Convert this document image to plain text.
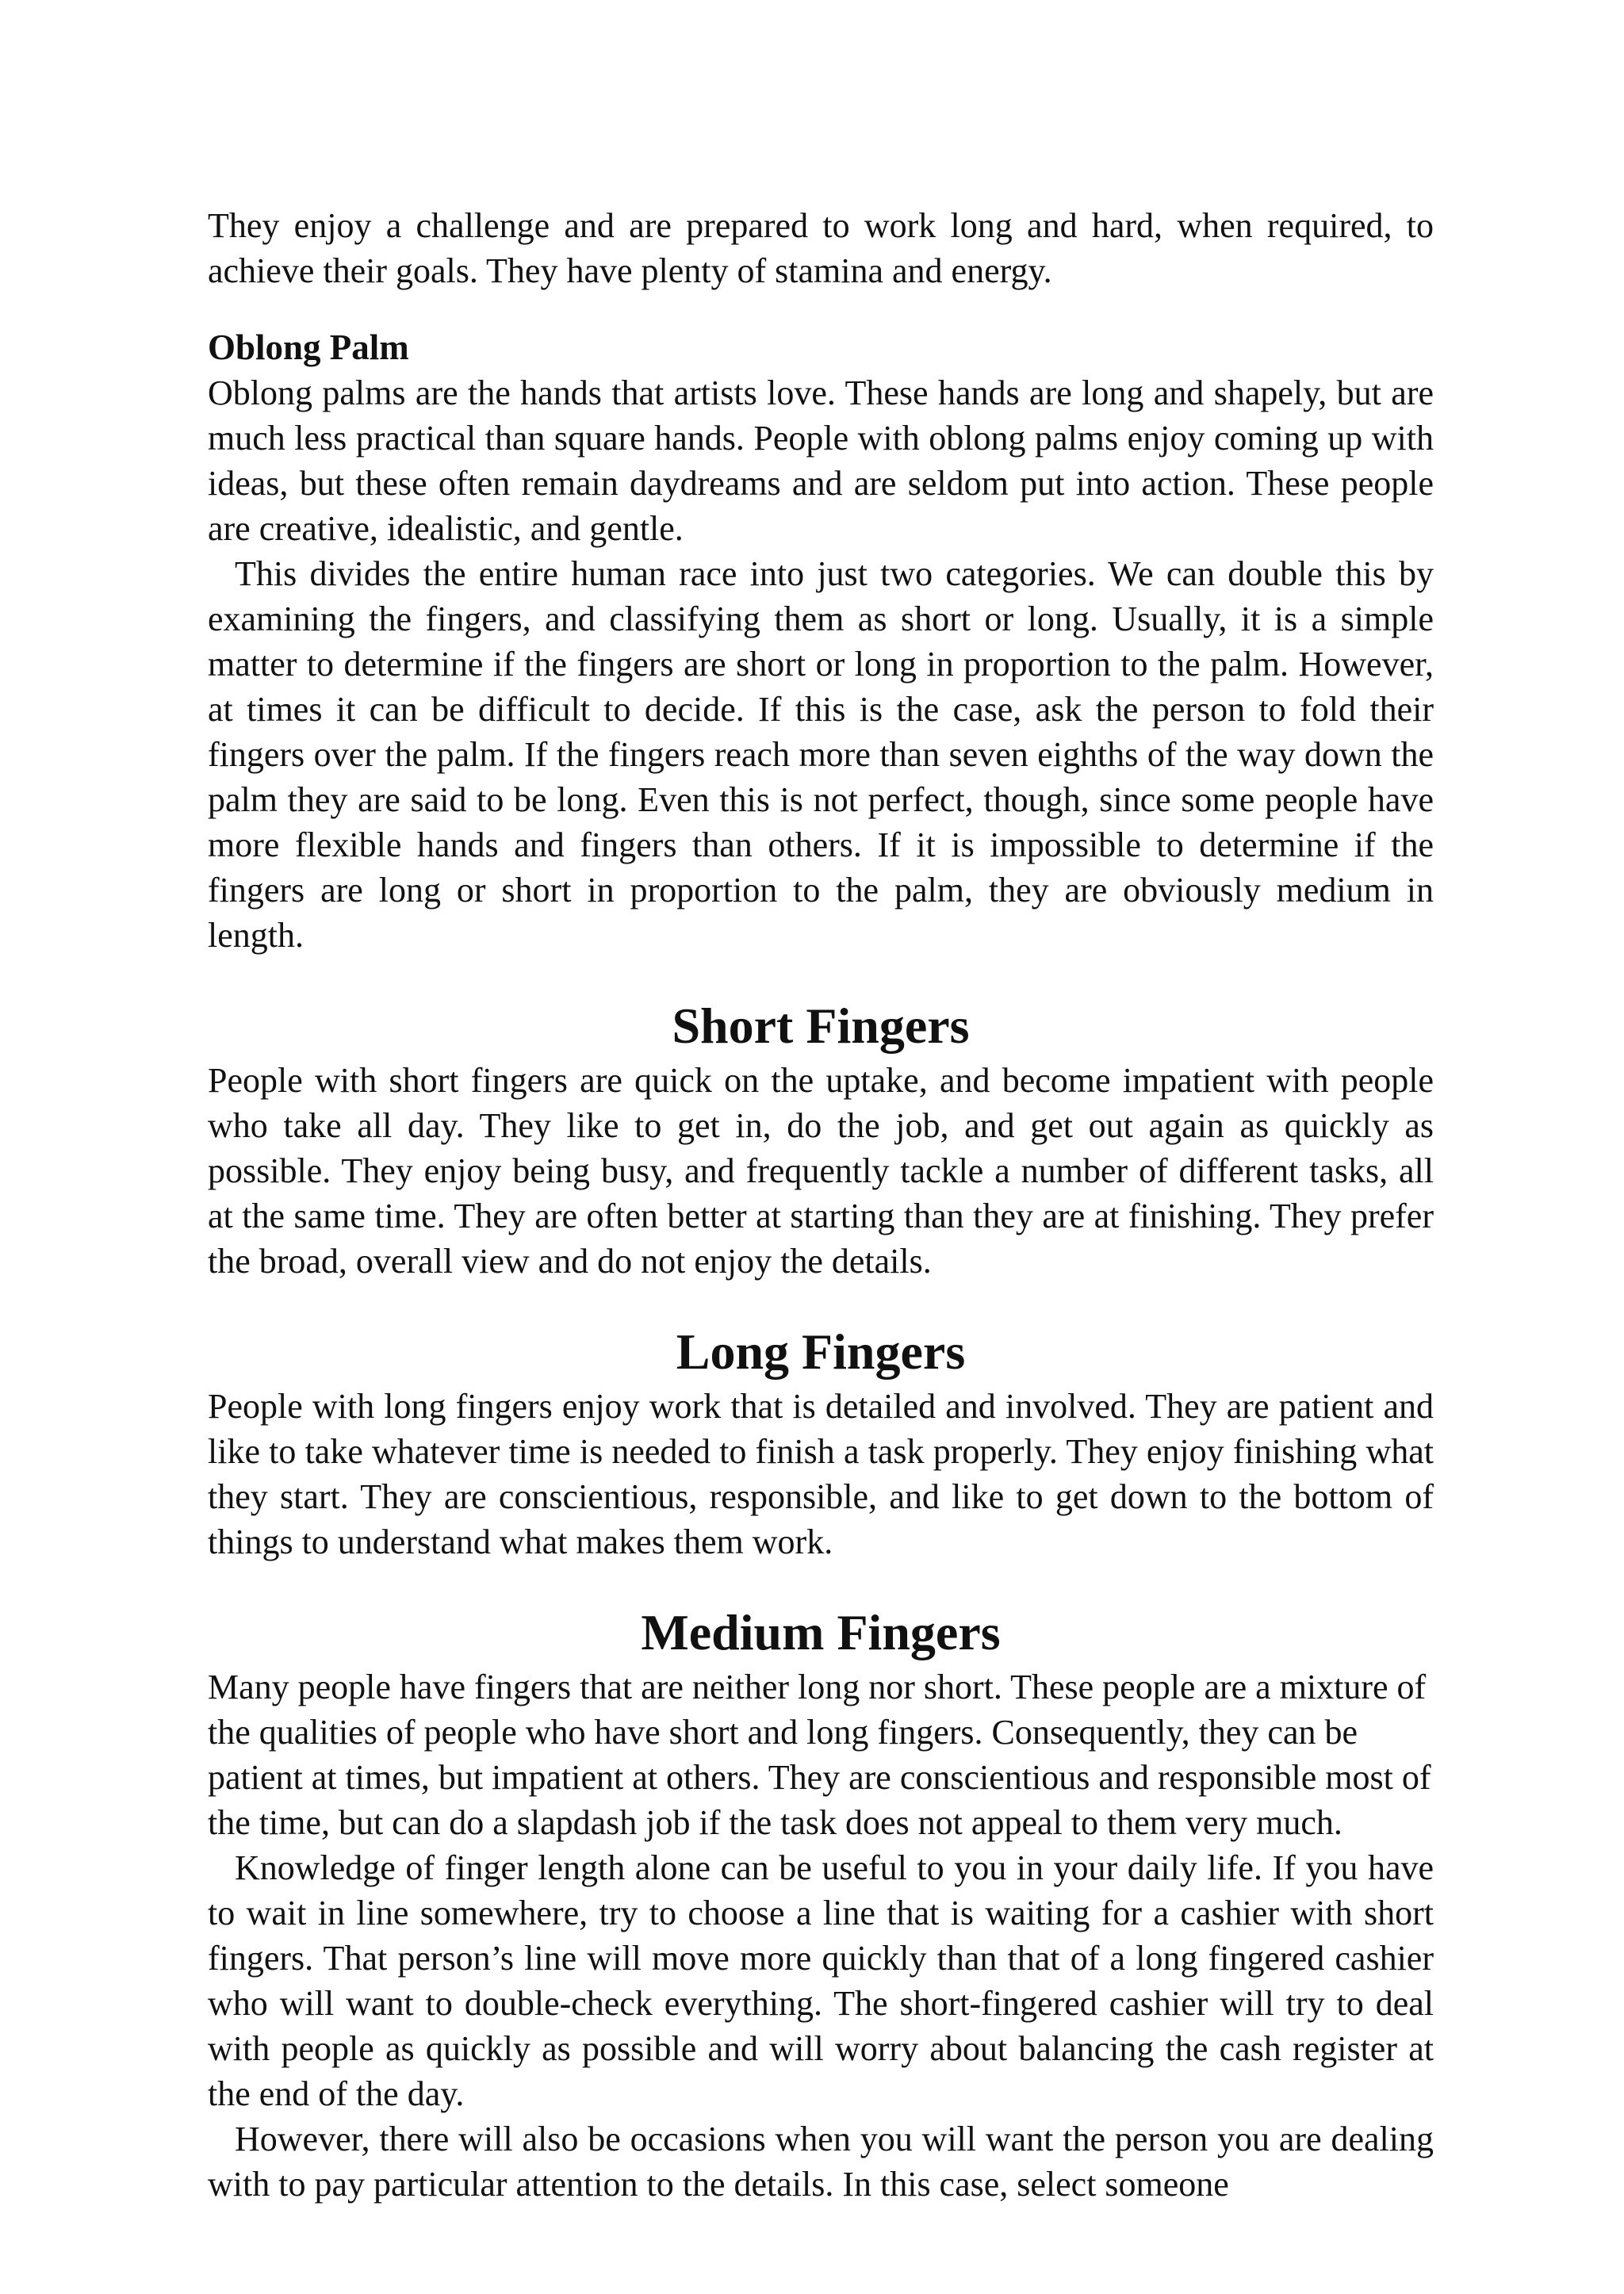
They enjoy a challenge and are prepared to work long and hard, when required, to achieve their goals. They have plenty of stamina and energy.

Oblong Palm

Oblong palms are the hands that artists love. These hands are long and shapely, but are much less practical than square hands. People with oblong palms enjoy coming up with ideas, but these often remain daydreams and are seldom put into action. These people are creative, idealistic, and gentle.

This divides the entire human race into just two categories. We can double this by examining the fingers, and classifying them as short or long. Usually, it is a simple matter to determine if the fingers are short or long in proportion to the palm. However, at times it can be difficult to decide. If this is the case, ask the person to fold their fingers over the palm. If the fingers reach more than seven eighths of the way down the palm they are said to be long. Even this is not perfect, though, since some people have more flexible hands and fingers than others. If it is impossible to determine if the fingers are long or short in proportion to the palm, they are obviously medium in length.

Short Fingers

People with short fingers are quick on the uptake, and become impatient with people who take all day. They like to get in, do the job, and get out again as quickly as possible. They enjoy being busy, and frequently tackle a number of different tasks, all at the same time. They are often better at starting than they are at finishing. They prefer the broad, overall view and do not enjoy the details.

Long Fingers

People with long fingers enjoy work that is detailed and involved. They are patient and like to take whatever time is needed to finish a task properly. They enjoy finishing what they start. They are conscientious, responsible, and like to get down to the bottom of things to understand what makes them work.

Medium Fingers

Many people have fingers that are neither long nor short. These people are a mixture of the qualities of people who have short and long fingers. Consequently, they can be patient at times, but impatient at others. They are conscientious and responsible most of the time, but can do a slapdash job if the task does not appeal to them very much.

Knowledge of finger length alone can be useful to you in your daily life. If you have to wait in line somewhere, try to choose a line that is waiting for a cashier with short fingers. That person’s line will move more quickly than that of a long fingered cashier who will want to double-check everything. The short-fingered cashier will try to deal with people as quickly as possible and will worry about balancing the cash register at the end of the day.

However, there will also be occasions when you will want the person you are dealing with to pay particular attention to the details. In this case, select someone
